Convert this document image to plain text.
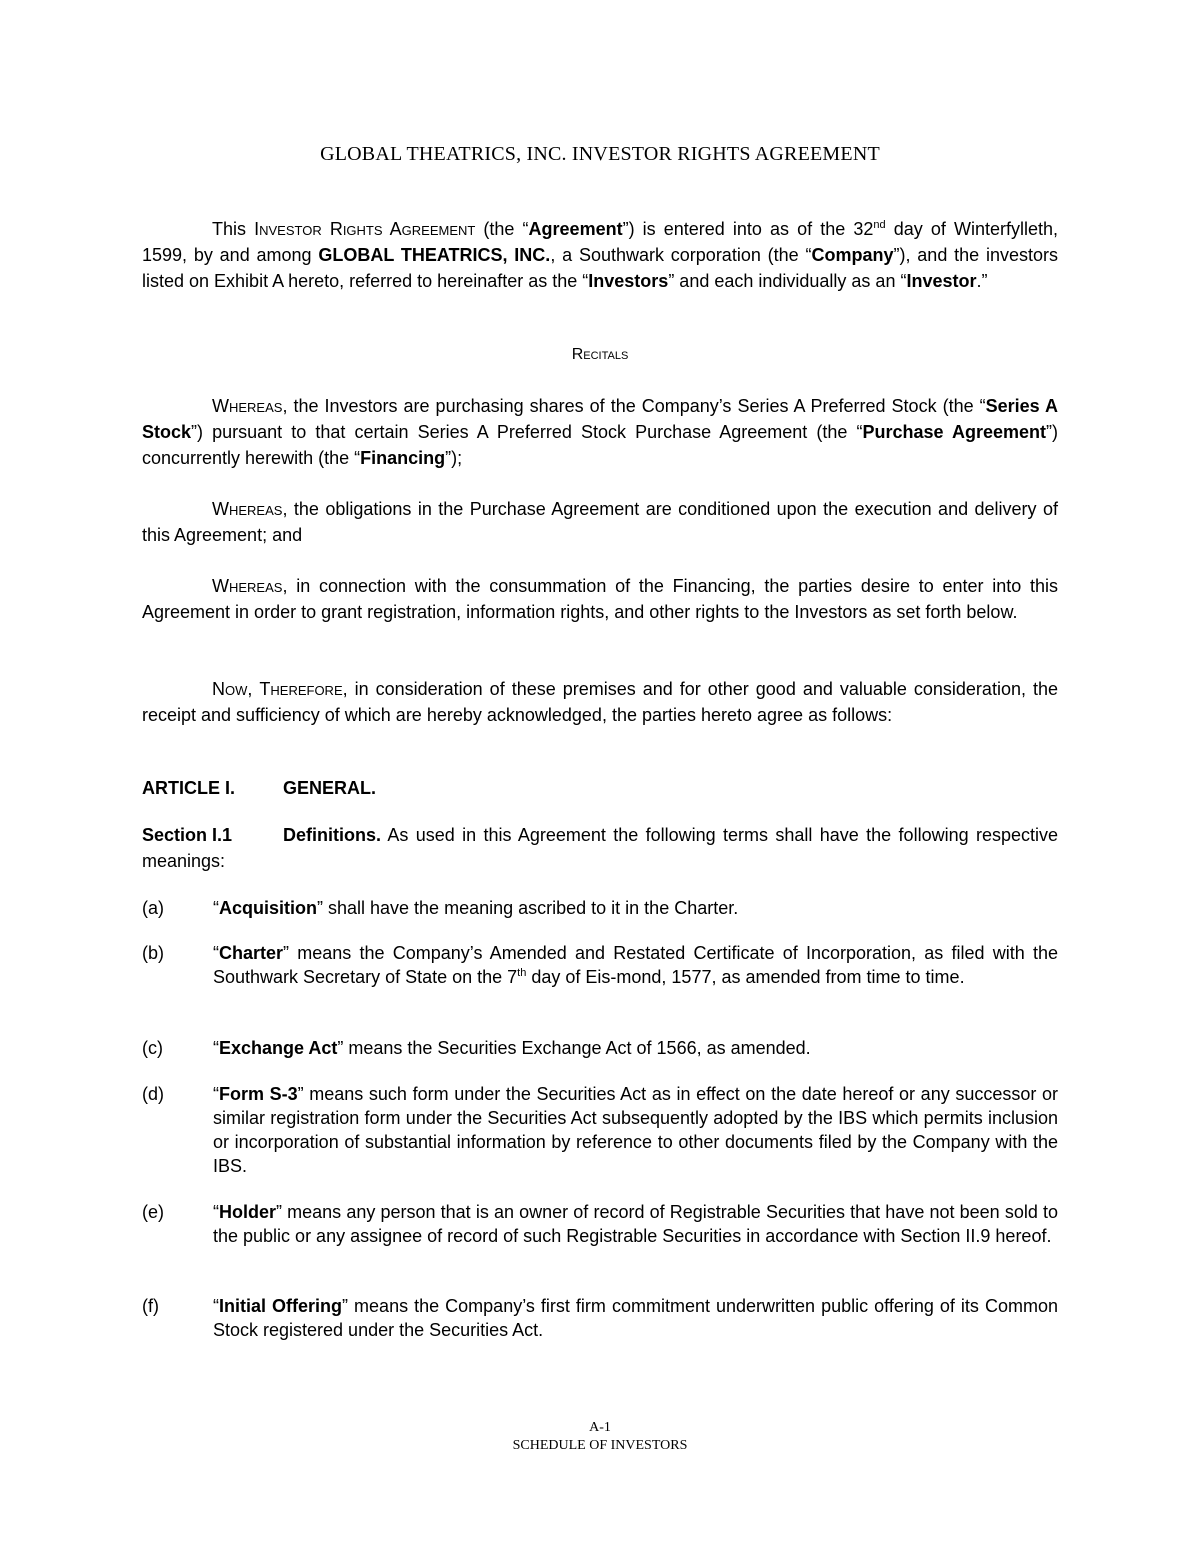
GLOBAL THEATRICS, INC. INVESTOR RIGHTS AGREEMENT

This Investor Rights Agreement (the “Agreement”) is entered into as of the 32nd day of Winterfylleth, 1599, by and among GLOBAL THEATRICS, INC., a Southwark corporation (the “Company”), and the investors listed on Exhibit A hereto, referred to hereinafter as the “Investors” and each individually as an “Investor.”

Recitals

Whereas, the Investors are purchasing shares of the Company’s Series A Preferred Stock (the “Series A Stock”) pursuant to that certain Series A Preferred Stock Purchase Agreement (the “Purchase Agreement”) concurrently herewith (the “Financing”);

Whereas, the obligations in the Purchase Agreement are conditioned upon the execution and delivery of this Agreement; and

Whereas, in connection with the consummation of the Financing, the parties desire to enter into this Agreement in order to grant registration, information rights, and other rights to the Investors as set forth below.

Now, Therefore, in consideration of these premises and for other good and valuable consideration, the receipt and sufficiency of which are hereby acknowledged, the parties hereto agree as follows:

ARTICLE I.	GENERAL.

Section I.1	Definitions. As used in this Agreement the following terms shall have the following respective meanings:

(a)	“Acquisition” shall have the meaning ascribed to it in the Charter.
(b)	“Charter” means the Company’s Amended and Restated Certificate of Incorporation, as filed with the Southwark Secretary of State on the 7th day of Eis-mond, 1577, as amended from time to time.
(c)	“Exchange Act” means the Securities Exchange Act of 1566, as amended.
(d)	“Form S-3” means such form under the Securities Act as in effect on the date hereof or any successor or similar registration form under the Securities Act subsequently adopted by the IBS which permits inclusion or incorporation of substantial information by reference to other documents filed by the Company with the IBS.
(e)	“Holder” means any person that is an owner of record of Registrable Securities that have not been sold to the public or any assignee of record of such Registrable Securities in accordance with Section II.9 hereof.
(f)	“Initial Offering” means the Company’s first firm commitment underwritten public offering of its Common Stock registered under the Securities Act.
A-1
SCHEDULE OF INVESTORS
